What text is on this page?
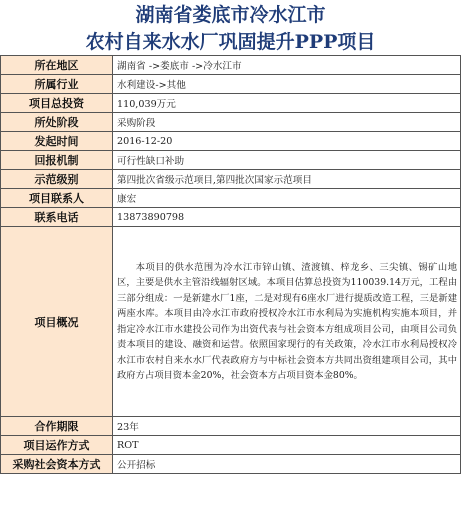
湖南省娄底市冷水江市
农村自来水水厂巩固提升PPP项目
所在地区	湖南省 ->娄底市 ->冷水江市
所属行业	水利建设->其他
项目总投资	110,039万元
所处阶段	采购阶段
发起时间	2016-12-20
回报机制	可行性缺口补助
示范级别	第四批次省级示范项目,第四批次国家示范项目
项目联系人	康宏
联系电话	13873890798
项目概况	本项目的供水范围为冷水江市锌山镇、渣渡镇、梓龙乡、三尖镇、锡矿山地区，主要是供水主管沿线辐射区域。本项目估算总投资为110039.14万元，工程由三部分组成：一是新建水厂1座，二是对现有6座水厂进行提质改造工程，三是新建两座水库。本项目由冷水江市政府授权冷水江市水利局为实施机构实施本项目，并指定冷水江市水建投公司作为出资代表与社会资本方组成项目公司，由项目公司负责本项目的建设、融资和运营。依照国家现行的有关政策，冷水江市水利局授权冷水江市农村自来水水厂代表政府方与中标社会资本方共同出资组建项目公司，其中政府方占项目资本金20%，社会资本方占项目资本金80%。
合作期限	23年
项目运作方式	ROT
采购社会资本方式	公开招标
